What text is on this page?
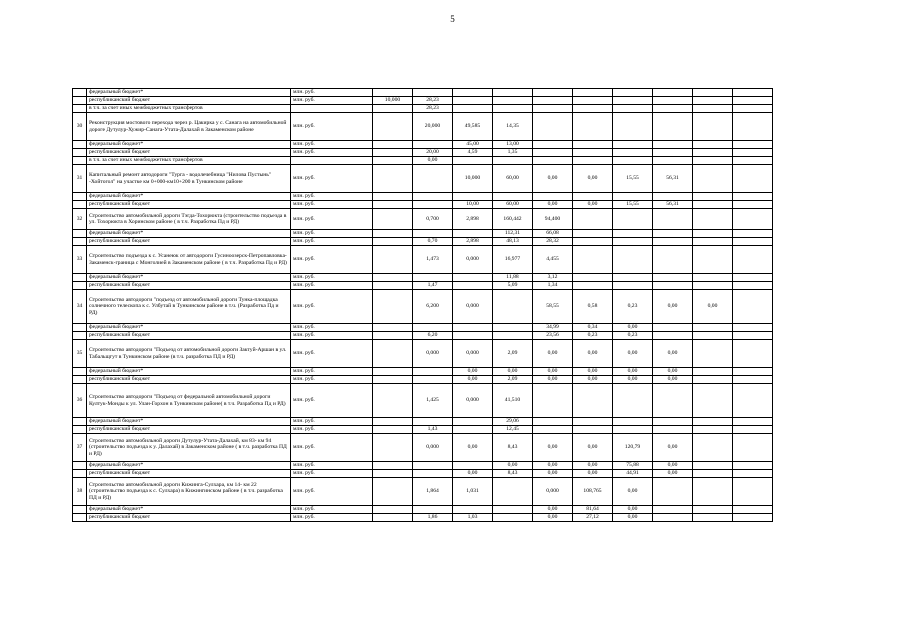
5
	федеральный бюджет*	млн. руб.										
	республиканский бюджет	млн. руб.	10,000	28,23								
	в т.ч. за счет иных межбюджетных трансфертов			28,23								
30	Реконструкция мостового перехода через р. Цакирка у с. Санага на автомобильной дороге Дутулур-Хужир-Санага-Утата-Далахай в Закаменском районе	млн. руб.		20,000	49,585	14,35						
	федеральный бюджет*	млн. руб.			45,00	13,00						
	республиканский бюджет	млн. руб.		20,00	4,59	1,35						
	в т.ч. за счет иных межбюджетных трансфертов			0,00								
31	Капитальный ремонт автодороги "Турга - водолечебница "Нилова Пустынь" -Хойтогол" на участке км 0+000-км10+200 в Тункинском районе	млн. руб.			10,000	60,00	0,00	0,00	15,55	56,31		
	федеральный бюджет*	млн. руб.										
	республиканский бюджет	млн. руб.			10,00	60,00	0,00	0,00	15,55	56,31		
32	Строительство автомобильной дороги Тэгда-Тохорюкта (строительство подъезда в ул. Тохорюкта в Хоринском районе ( в т.ч. Разработка Пд и РД)	млн. руб.		0,700	2,898	160,442	94,400					
	федеральный бюджет*	млн. руб.				112,31	66,08					
	республиканский бюджет	млн. руб.		0,70	2,898	48,13	28,32					
33	Строительство подъезда к с. Усанеюк от автодороги Гусиноозерск-Петропавловка-Закаменск-граница с Монголией в Закаменском районе ( в т.ч. Разработка Пд и РД)	млн. руб.		1,473	0,000	16,977	4,455					
	федеральный бюджет*	млн. руб.				11,88	3,12					
	республиканский бюджет	млн. руб.		1,47		5,09	1,34					
34	Строительство автодороги "подъезд от автомобильной дороги Тунка-площадка солнечного телескопа к с. Улбутай в Тункинском районе в т.ч. (Разработка Пд и РД)	млн. руб.		6,200	0,000		58,55	0,58	0,23	0,00	0,00	
	федеральный бюджет*	млн. руб.					34,99	0,34	0,00			
	республиканский бюджет	млн. руб.		6,20			23,56	0,23	0,23			
35	Строительство автодороги "Подъезд от автомобильной дороги Зактуй-Аршан в ул. Табальщгут в Тункинском районе (в т.ч. разработка ПД и РД)	млн. руб.		0,000	0,000	2,09	0,00	0,00	0,00	0,00		
	федеральный бюджет*	млн. руб.			0,00	0,00	0,00	0,00	0,00	0,00		
	республиканский бюджет	млн. руб.			0,00	2,09	0,00	0,00	0,00	0,00		
36	Строительство автодороги "Подъезд от федеральной автомобильной дороги Култук-Монды к ул. Улан-Горхон в Тункинском районе( в т.ч. Разработка Пд и РД)	млн. руб.		1,425	0,000	41,510						
	федеральный бюджет*	млн. руб.				29,06						
	республиканский бюджет	млн. руб.		1,43		12,45						
37	Строительство автомобильной дороги Дутулур-Утата-Далахай, км 83- км 94 (строительство подъезда к у. Далахай) в Закаменском районе ( в т.ч. разработка ПД и РД)	млн. руб.		0,000	0,00	8,43	0,00	0,00	120,79	0,00		
	федеральный бюджет*	млн. руб.				0,00	0,00	0,00	75,88	0,00		
	республиканский бюджет	млн. руб.			0,00	8,43	0,00	0,00	44,91	0,00		
38	Строительство автомобильной дороги Кижинга-Сулхара, км 14- км 22 (строительство подъезда к с. Сулхара) в Кижингинском районе ( в т.ч. разработка ПД и РД)	млн. руб.		1,864	1,031		0,000	108,765	0,00			
	федеральный бюджет*	млн. руб.					0,00	81,64	0,00			
	республиканский бюджет	млн. руб.		1,86	1,03		0,00	27,12	0,00			
